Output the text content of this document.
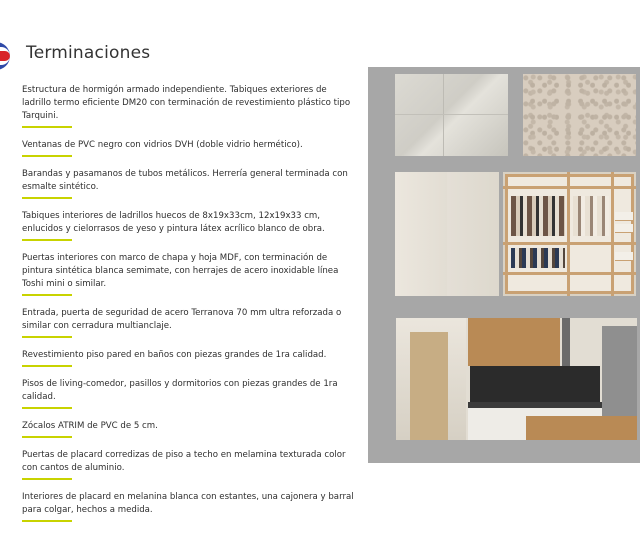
Terminaciones
Estructura de hormigón armado independiente. Tabiques exteriores de ladrillo termo eficiente DM20 con terminación de revestimiento plástico tipo Tarquini.
Ventanas de PVC negro con vidrios DVH (doble vidrio hermético).
Barandas y pasamanos de tubos metálicos. Herrería general terminada con esmalte sintético.
Tabiques interiores de ladrillos huecos de 8x19x33cm, 12x19x33 cm, enlucidos y cielorrasos de yeso y pintura látex acrílico blanco de obra.
Puertas interiores con marco de chapa y hoja MDF, con terminación de pintura sintética blanca semimate, con herrajes de acero inoxidable línea Toshi mini o similar.
Entrada, puerta de seguridad de acero Terranova 70 mm ultra reforzada o similar con cerradura multianclaje.
Revestimiento piso pared en baños con piezas grandes de 1ra calidad.
Pisos de living-comedor, pasillos y dormitorios con piezas grandes de 1ra calidad.
Zócalos ATRIM de PVC de 5 cm.
Puertas de placard corredizas de piso a techo en melamina texturada color con cantos de aluminio.
Interiores de placard en melanina blanca con estantes, una cajonera y barral para colgar, hechos a medida.
